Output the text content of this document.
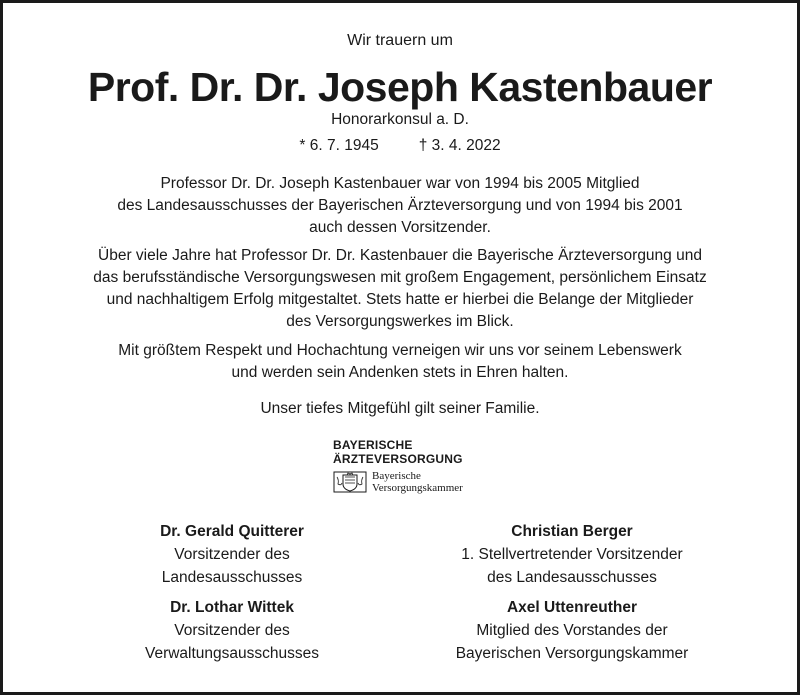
Wir trauern um
Prof. Dr. Dr. Joseph Kastenbauer
Honorarkonsul a. D.
* 6. 7. 1945	† 3. 4. 2022
Professor Dr. Dr. Joseph Kastenbauer war von 1994 bis 2005 Mitglied
des Landesausschusses der Bayerischen Ärzteversorgung und von 1994 bis 2001
auch dessen Vorsitzender.
Über viele Jahre hat Professor Dr. Dr. Kastenbauer die Bayerische Ärzteversorgung und
das berufsständische Versorgungswesen mit großem Engagement, persönlichem Einsatz
und nachhaltigem Erfolg mitgestaltet. Stets hatte er hierbei die Belange der Mitglieder
des Versorgungswerkes im Blick.
Mit größtem Respekt und Hochachtung verneigen wir uns vor seinem Lebenswerk
und werden sein Andenken stets in Ehren halten.
Unser tiefes Mitgefühl gilt seiner Familie.
BAYERISCHE
ÄRZTEVERSORGUNG
Bayerische
Versorgungskammer
Dr. Gerald Quitterer
Vorsitzender des
Landesausschusses
Christian Berger
1. Stellvertretender Vorsitzender
des Landesausschusses
Dr. Lothar Wittek
Vorsitzender des
Verwaltungsausschusses
Axel Uttenreuther
Mitglied des Vorstandes der
Bayerischen Versorgungskammer
